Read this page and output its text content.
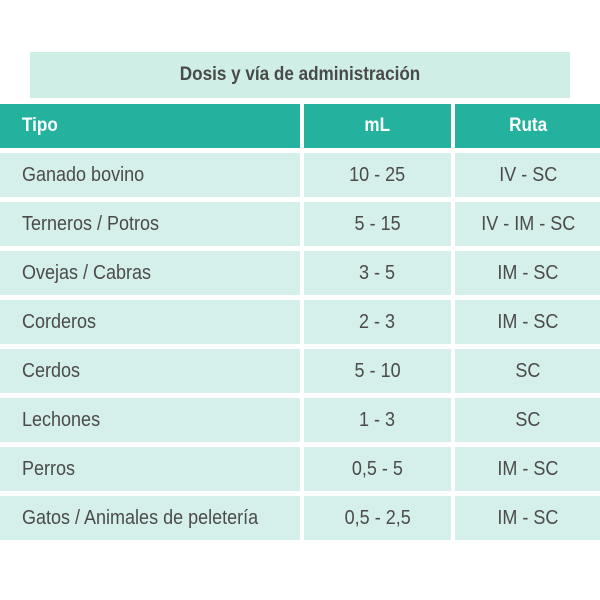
Dosis y vía de administración
Tipo	mL	Ruta
Ganado bovino	10 - 25	IV - SC
Terneros / Potros	5 - 15	IV - IM - SC
Ovejas / Cabras	3 - 5	IM - SC
Corderos	2 - 3	IM - SC
Cerdos	5 - 10	SC
Lechones	1 - 3	SC
Perros	0,5 - 5	IM - SC
Gatos / Animales de peletería	0,5 - 2,5	IM - SC
